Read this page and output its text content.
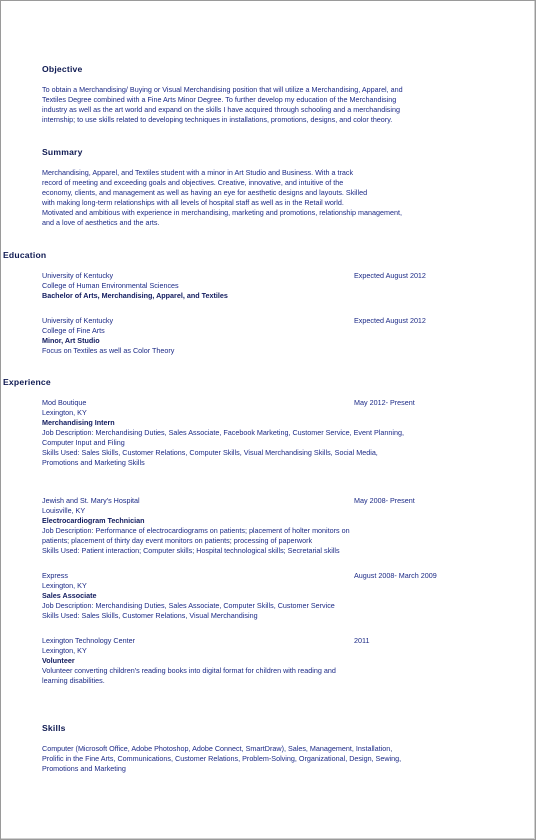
Objective
To obtain a Merchandising/ Buying or Visual Merchandising position that will utilize a Merchandising, Apparel, and
Textiles Degree combined with a Fine Arts Minor Degree. To further develop my education of the Merchandising
industry as well as the art world and expand on the skills I have acquired through schooling and a merchandising
internship; to use skills related to developing techniques in installations, promotions, designs, and color theory.
Summary
Merchandising, Apparel, and Textiles student with a minor in Art Studio and Business. With a track
record of meeting and exceeding goals and objectives. Creative, innovative, and intuitive of the
economy, clients, and management as well as having an eye for aesthetic designs and layouts. Skilled
with making long-term relationships with all levels of hospital staff as well as in the Retail world.
Motivated and ambitious with experience in merchandising, marketing and promotions, relationship management,
and a love of aesthetics and the arts.
Education
University of Kentucky
College of Human Environmental Sciences
Bachelor of Arts, Merchandising, Apparel, and Textiles
Expected August 2012
University of Kentucky
College of Fine Arts
Minor, Art Studio
Focus on Textiles as well as Color Theory
Expected August 2012
Experience
Mod Boutique
Lexington, KY
Merchandising Intern
Job Description: Merchandising Duties, Sales Associate, Facebook Marketing, Customer Service, Event Planning,
Computer Input and Filing
Skills Used: Sales Skills, Customer Relations, Computer Skills, Visual Merchandising Skills, Social Media,
Promotions and Marketing Skills
May 2012- Present
Jewish and St. Mary's Hospital
Louisville, KY
Electrocardiogram Technician
Job Description: Performance of electrocardiograms on patients; placement of holter monitors on
patients; placement of thirty day event monitors on patients; processing of paperwork
Skills Used: Patient interaction; Computer skills; Hospital technological skills; Secretarial skills
May 2008- Present
Express
Lexington, KY
Sales Associate
Job Description: Merchandising Duties, Sales Associate, Computer Skills, Customer Service
Skills Used: Sales Skills, Customer Relations, Visual Merchandising
August 2008- March 2009
Lexington Technology Center
Lexington, KY
Volunteer
Volunteer converting children's reading books into digital format for children with reading and
learning disabilities.
2011
Skills
Computer (Microsoft Office, Adobe Photoshop, Adobe Connect, SmartDraw), Sales, Management, Installation,
Prolific in the Fine Arts, Communications, Customer Relations, Problem-Solving, Organizational, Design, Sewing,
Promotions and Marketing
